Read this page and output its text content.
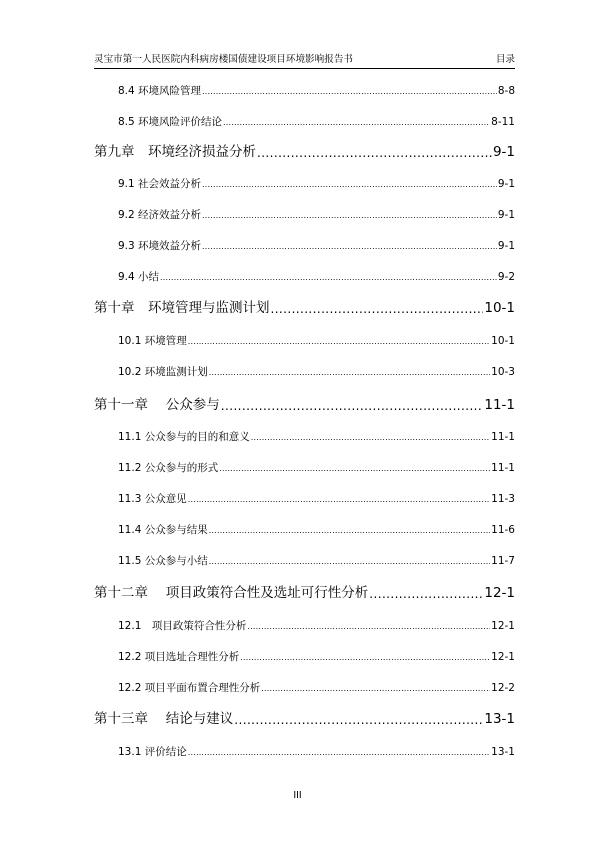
灵宝市第一人民医院内科病房楼国债建设项目环境影响报告书	目录
8.4 环境风险管理 .....	8-8
8.5 环境风险评价结论 .....	8-11
第九章　环境经济损益分析 .....	9-1
9.1 社会效益分析 .....	9-1
9.2 经济效益分析 .....	9-1
9.3 环境效益分析 .....	9-1
9.4 小结 .....	9-2
第十章　环境管理与监测计划 .....	10-1
10.1 环境管理 .....	10-1
10.2 环境监测计划 .....	10-3
第十一章　 公众参与 .....	11-1
11.1 公众参与的目的和意义 .....	11-1
11.2 公众参与的形式 .....	11-1
11.3 公众意见 .....	11-3
11.4 公众参与结果 .....	11-6
11.5 公众参与小结 .....	11-7
第十二章　 项目政策符合性及选址可行性分析 .....	12-1
12.1　项目政策符合性分析 .....	12-1
12.2 项目选址合理性分析 .....	12-1
12.2 项目平面布置合理性分析 .....	12-2
第十三章　 结论与建议 .....	13-1
13.1 评价结论 .....	13-1
III
